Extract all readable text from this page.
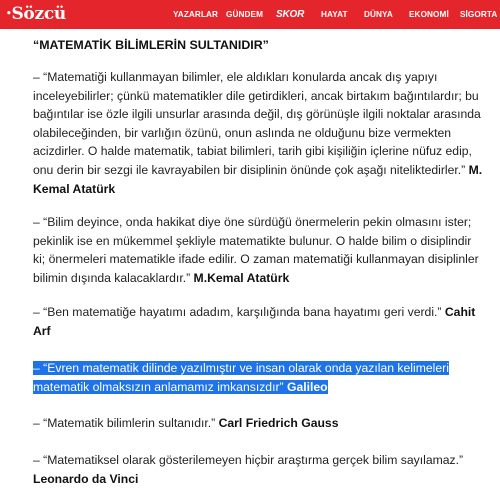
•Sözcü	YAZARLAR GÜNDEM SKOR HAYAT DÜNYA EKONOMİ SİGORTA
“MATEMATİK BİLİMLERİN SULTANIDIR”
– “Matematiği kullanmayan bilimler, ele aldıkları konularda ancak dış yapıyı
inceleyebilirler; çünkü matematikler dile getirdikleri, ancak birtakım bağıntılardır; bu
bağıntılar ise özle ilgili unsurlar arasında değil, dış görünüşle ilgili noktalar arasında
olabileceğinden, bir varlığın özünü, onun aslında ne olduğunu bize vermekten
acizdirler. O halde matematik, tabiat bilimleri, tarih gibi kişiliğin içlerine nüfuz edip,
onu derin bir sezgi ile kavrayabilen bir disiplinin önünde çok aşağı niteliktedirler.” M.
Kemal Atatürk
– “Bilim deyince, onda hakikat diye öne sürdüğü önermelerin pekin olmasını ister;
pekinlik ise en mükemmel şekliyle matematikte bulunur. O halde bilim o disiplindir
ki; önermeleri matematikle ifade edilir. O zaman matematiği kullanmayan disiplinler
bilimin dışında kalacaklardır.” M.Kemal Atatürk
– “Ben matematiğe hayatımı adadım, karşılığında bana hayatımı geri verdi.” Cahit
Arf
– “Evren matematik dilinde yazılmıştır ve insan olarak onda yazılan kelimeleri
matematik olmaksızın anlamamız imkansızdır” Galileo
– “Matematik bilimlerin sultanıdır.” Carl Friedrich Gauss
– “Matematiksel olarak gösterilemeyen hiçbir araştırma gerçek bilim sayılamaz.”
Leonardo da Vinci
